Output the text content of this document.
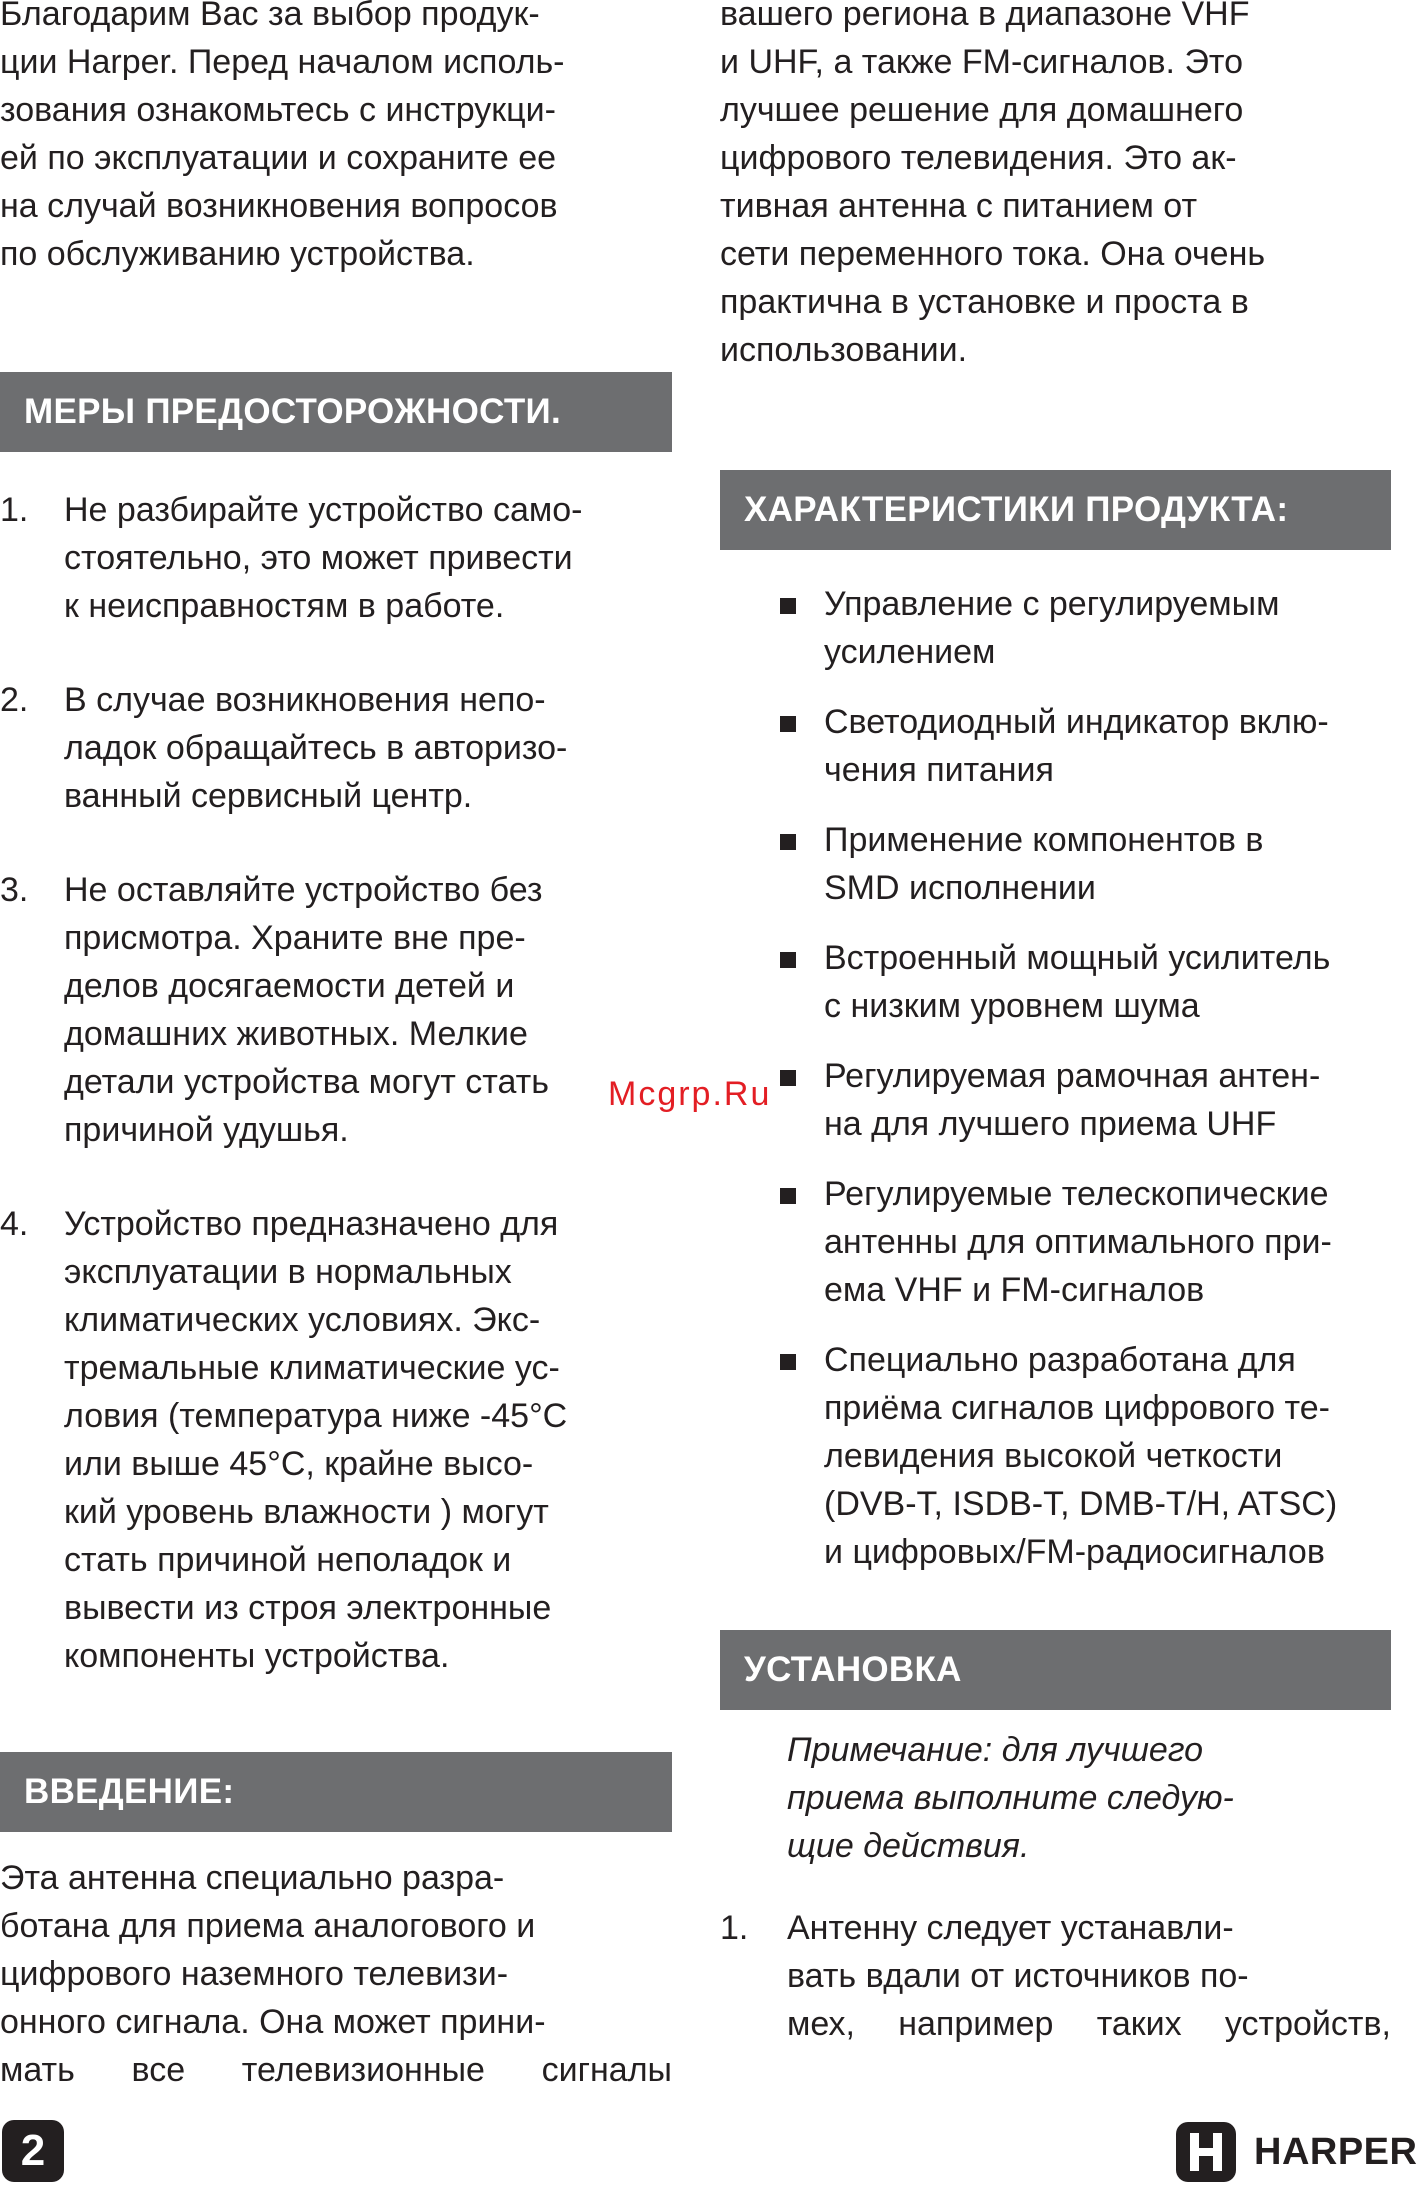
Благодарим Вас за выбор продук-

ции Harper. Перед началом исполь-

зования ознакомьтесь с инструкци-

ей по эксплуатации и сохраните ее

на случай возникновения вопросов

по обслуживанию устройства.

МЕРЫ ПРЕДОСТОРОЖНОСТИ.
1. Не разбирайте устройство само-

стоятельно, это может привести

к неисправностям в работе.

2. В случае возникновения непо-

ладок обращайтесь в авторизо-

ванный сервисный центр.

3. Не оставляйте устройство без

присмотра. Храните вне пре-

делов досягаемости детей и

домашних животных. Мелкие

детали устройства могут стать

причиной удушья.

4. Устройство предназначено для

эксплуатации в нормальных

климатических условиях. Экс-

тремальные климатические ус-

ловия (температура ниже -45°С

или выше 45°С, крайне высо-

кий уровень влажности ) могут

стать причиной неполадок и

вывести из строя электронные

компоненты устройства.

ВВЕДЕНИЕ:

Эта антенна специально разра-

ботана для приема аналогового и

цифрового наземного телевизи-

онного сигнала. Она может прини-

мать все телевизионные сигналы

вашего региона в диапазоне VHF

и UHF, а также FM-сигналов. Это

лучшее решение для домашнего

цифрового телевидения. Это ак-

тивная антенна с питанием от

сети переменного тока. Она очень

практична в установке и проста в

использовании.

ХАРАКТЕРИСТИКИ ПРОДУКТА:

Управление с регулируемым

усилением

Светодиодный индикатор вклю-

чения питания

Применение компонентов в

SMD исполнении

Встроенный мощный усилитель

с низким уровнем шума

Регулируемая рамочная антен-

на для лучшего приема UHF

Регулируемые телескопические

антенны для оптимального при-

ема VHF и FM-сигналов

Специально разработана для

приёма сигналов цифрового те-

левидения высокой четкости

(DVB-T, ISDB-T, DMB-T/H, ATSC)

и цифровых/FM-радиосигналов

УСТАНОВКА

Примечание: для лучшего

приема выполните следую-

щие действия.

1. Антенну следует устанавли-

вать вдали от источников по-

мех, например таких устройств,

Mcgrp.Ru
2	HARPER
